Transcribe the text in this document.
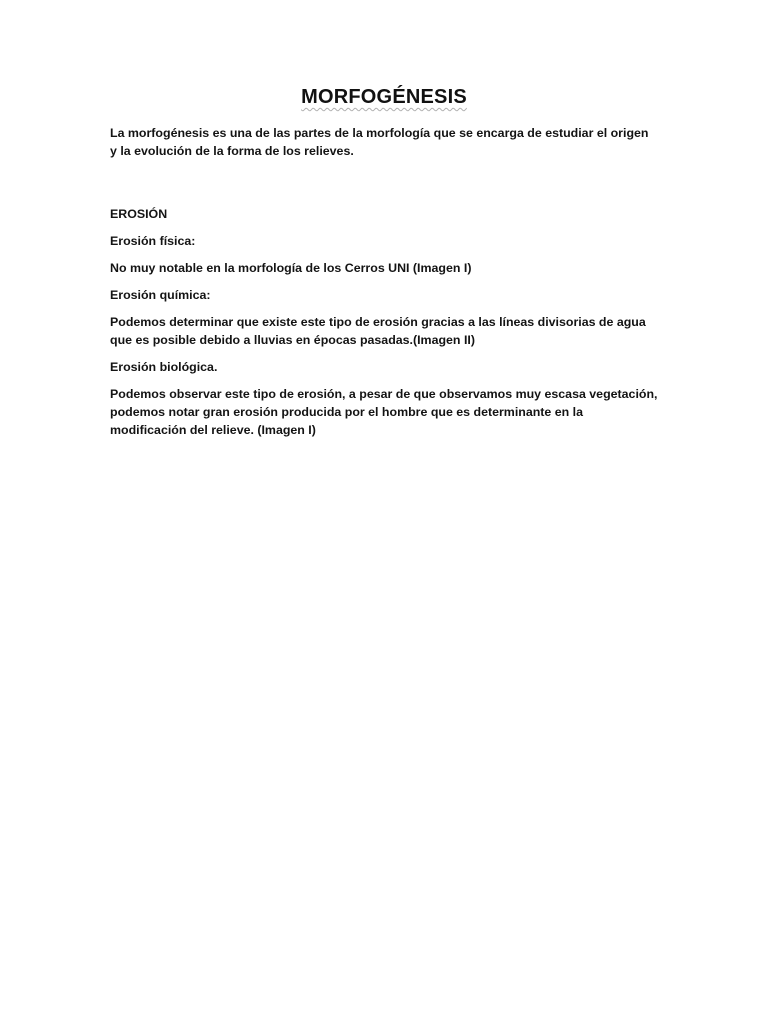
MORFOGÉNESIS

La morfogénesis es una de las partes de la morfología que se encarga de estudiar el origen y la evolución de la forma de los relieves.

EROSIÓN

Erosión física:

No muy notable en la morfología de los Cerros UNI (Imagen I)

Erosión química:

Podemos determinar que existe este tipo de erosión gracias a las líneas divisorias de agua que es posible debido a lluvias en épocas pasadas.(Imagen II)

Erosión biológica.

Podemos observar este tipo de erosión, a pesar de que observamos muy escasa vegetación, podemos notar gran erosión producida por el hombre que es determinante en la modificación del relieve. (Imagen I)
